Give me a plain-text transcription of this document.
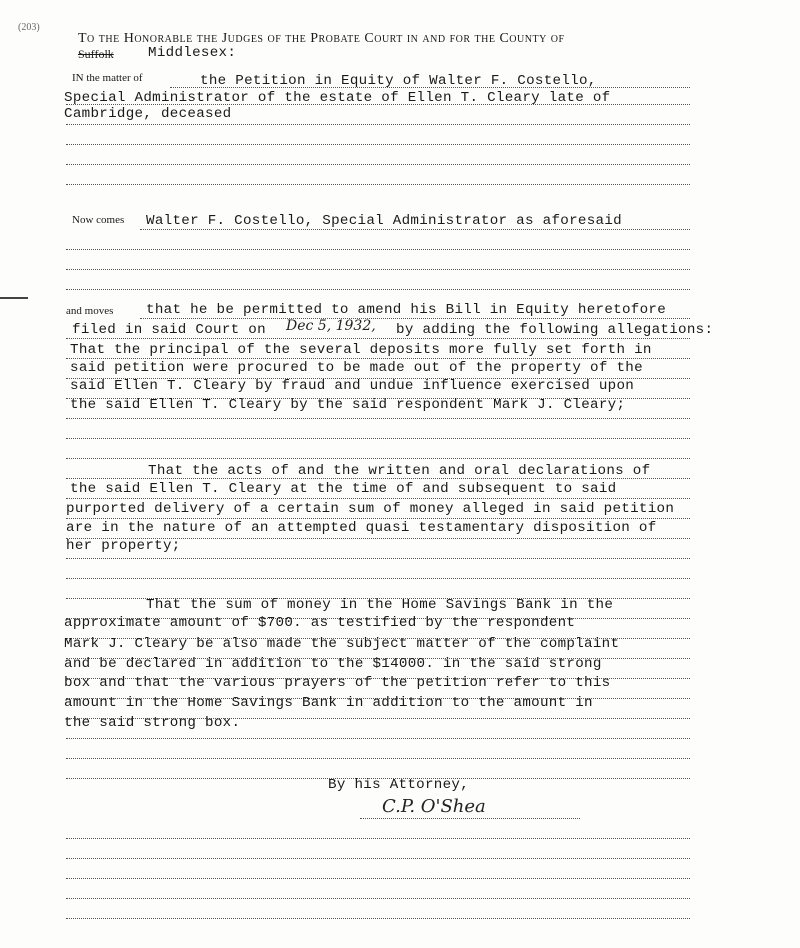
(203)
To the Honorable the Judges of the Probate Court in and for the County of
Suffolk Middlesex:
IN the matter of	the Petition in Equity of Walter F. Costello,
Special Administrator of the estate of Ellen T. Cleary late of
Cambridge, deceased
Now comes Walter F. Costello, Special Administrator as aforesaid
and moves that he be permitted to amend his Bill in Equity heretofore
filed in said Court on Dec 5, 1932, by adding the following allegations:
That the principal of the several deposits more fully set forth in
said petition were procured to be made out of the property of the
said Ellen T. Cleary by fraud and undue influence exercised upon
the said Ellen T. Cleary by the said respondent Mark J. Cleary;
That the acts of and the written and oral declarations of
the said Ellen T. Cleary at the time of and subsequent to said
purported delivery of a certain sum of money alleged in said petition
are in the nature of an attempted quasi testamentary disposition of
her property;
That the sum of money in the Home Savings Bank in the
approximate amount of $700. as testified by the respondent
Mark J. Cleary be also made the subject matter of the complaint
and be declared in addition to the $14000. in the said strong
box and that the various prayers of the petition refer to this
amount in the Home Savings Bank in addition to the amount in
the said strong box.
By his Attorney,
C.P. O'Shea
